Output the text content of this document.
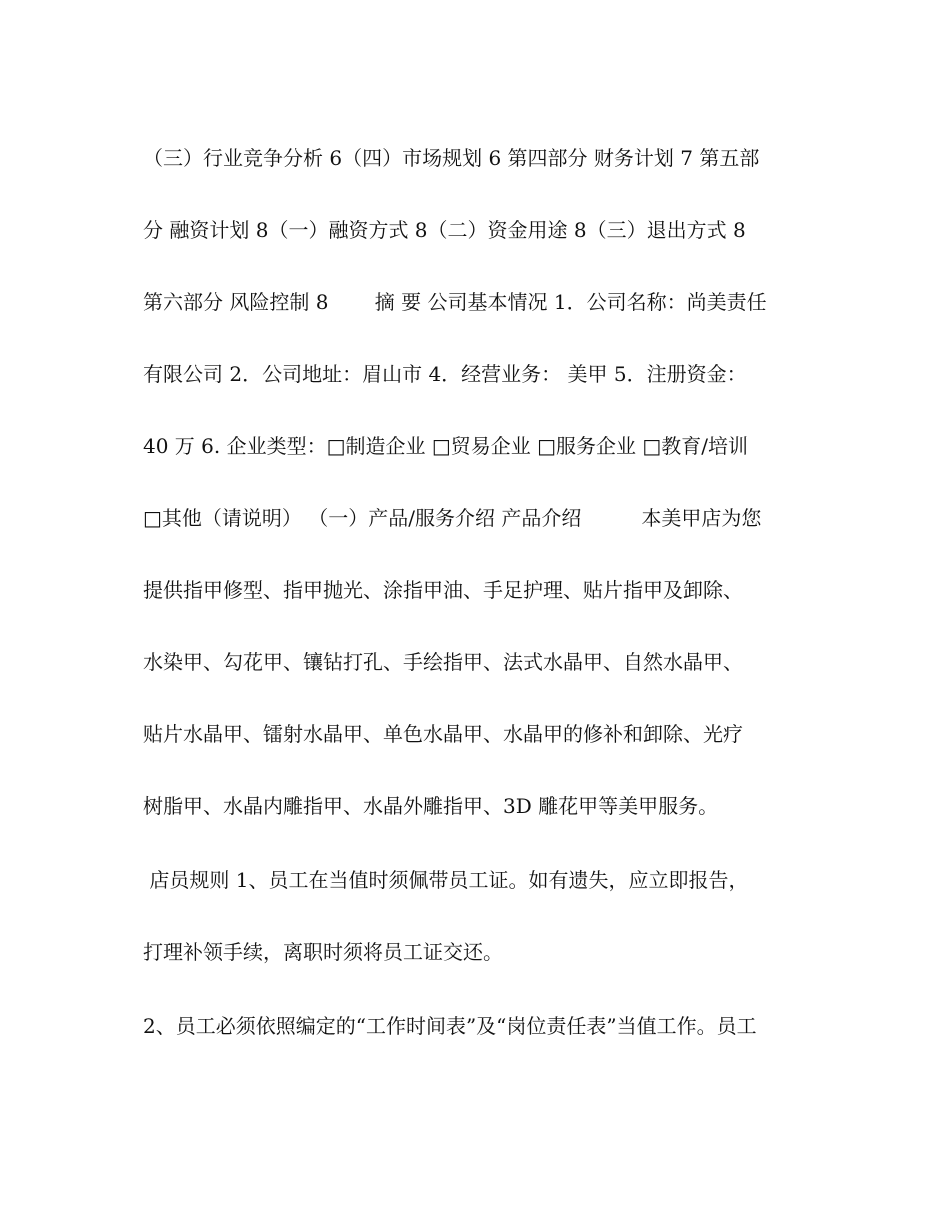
（三）行业竞争分析 6（四）市场规划 6 第四部分 财务计划 7 第五部

分 融资计划 8（一）融资方式 8（二）资金用途 8（三）退出方式 8

第六部分 风险控制 8　　 摘 要 公司基本情况 1．公司名称：尚美责任

有限公司 2．公司地址：眉山市 4．经营业务： 美甲 5．注册资金：

40 万 6. 企业类型：□制造企业 □贸易企业 □服务企业 □教育/培训

□其他（请说明） （一）产品/服务介绍 产品介绍　　　本美甲店为您

提供指甲修型、指甲抛光、涂指甲油、手足护理、贴片指甲及卸除、

水染甲、勾花甲、镶钻打孔、手绘指甲、法式水晶甲、自然水晶甲、

贴片水晶甲、镭射水晶甲、单色水晶甲、水晶甲的修补和卸除、光疗

树脂甲、水晶内雕指甲、水晶外雕指甲、3D 雕花甲等美甲服务。

店员规则 1、员工在当值时须佩带员工证。如有遗失，应立即报告，

打理补领手续，离职时须将员工证交还。

2、员工必须依照编定的“工作时间表”及“岗位责任表”当值工作。员工
